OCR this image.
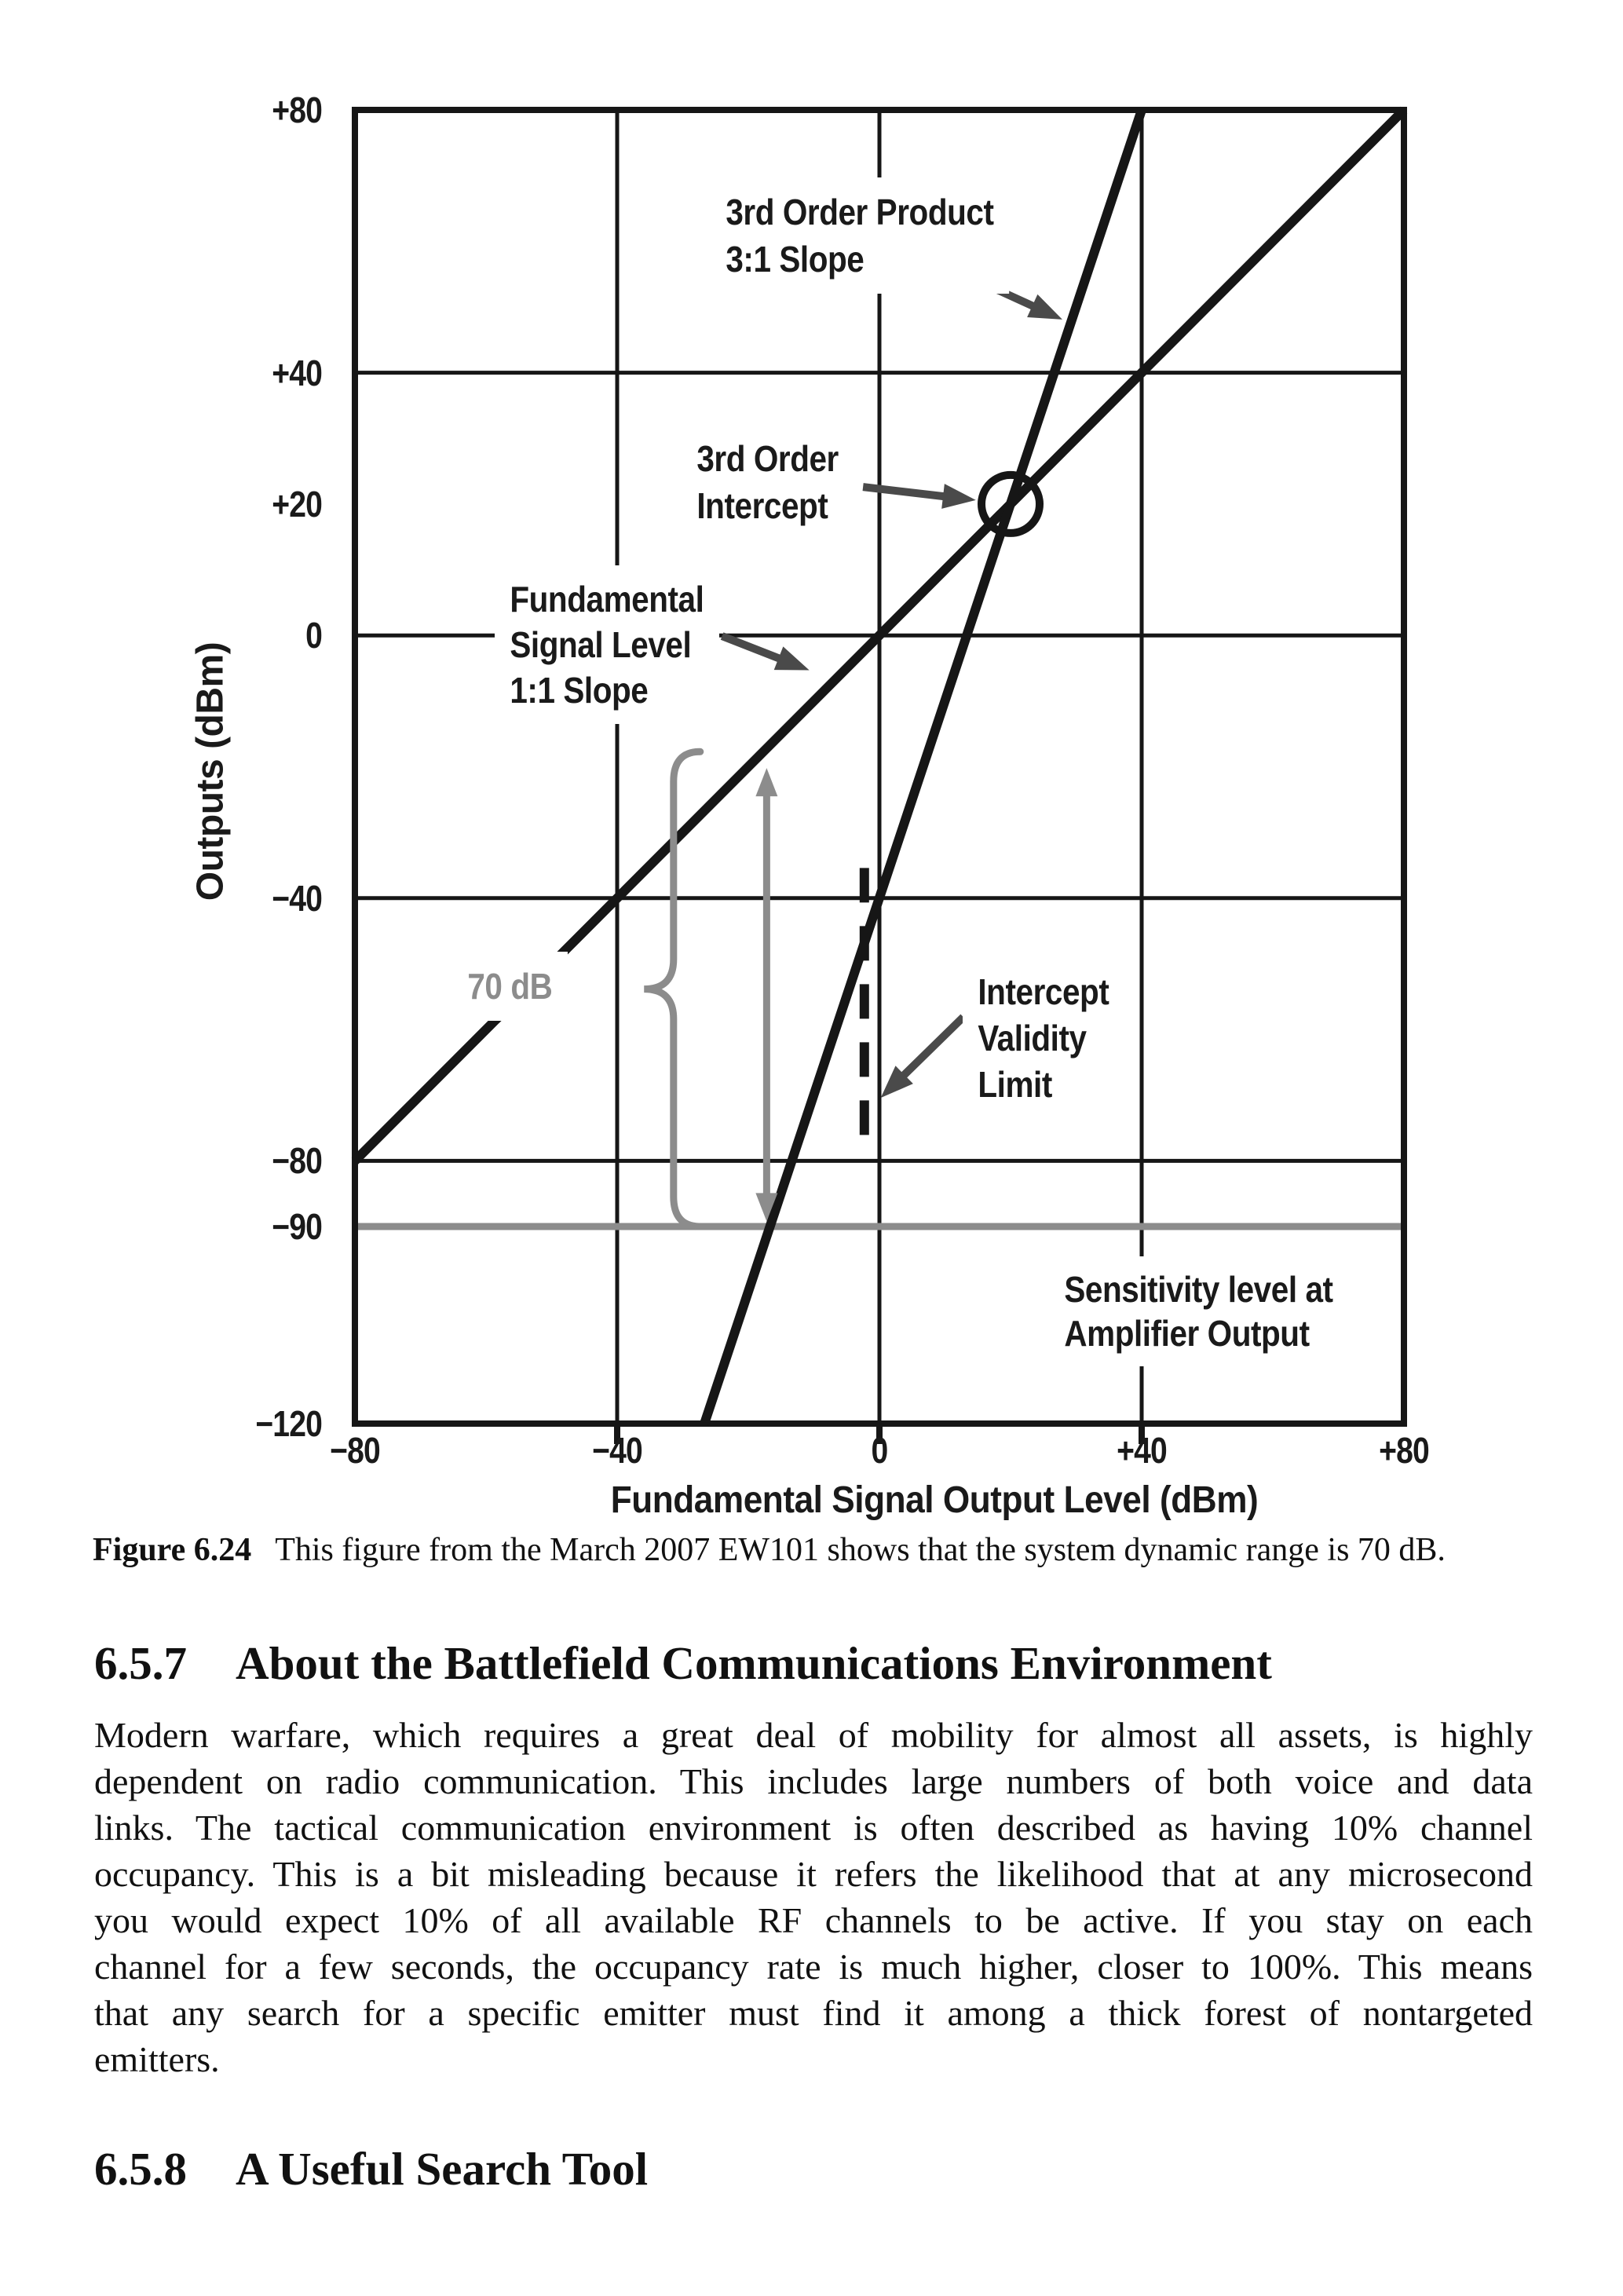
+80
+40
+20
0
−40
−80
−90
−120
−80	−40	0	+40	+80
Outputs (dBm)
Fundamental Signal Output Level (dBm)
3rd Order Product
3:1 Slope
3rd Order
Intercept
Fundamental
Signal Level
1:1 Slope
70 dB	Intercept
Validity
Limit
Sensitivity level at
Amplifier Output
Figure 6.24 This figure from the March 2007 EW101 shows that the system dynamic range is 70 dB.
6.5.7 About the Battlefield Communications Environment
Modern warfare, which requires a great deal of mobility for almost all assets, is highly
dependent on radio communication. This includes large numbers of both voice and data
links. The tactical communication environment is often described as having 10% channel
occupancy. This is a bit misleading because it refers the likelihood that at any microsecond
you would expect 10% of all available RF channels to be active. If you stay on each
channel for a few seconds, the occupancy rate is much higher, closer to 100%. This means
that any search for a specific emitter must find it among a thick forest of nontargeted
emitters.
6.5.8 A Useful Search Tool
